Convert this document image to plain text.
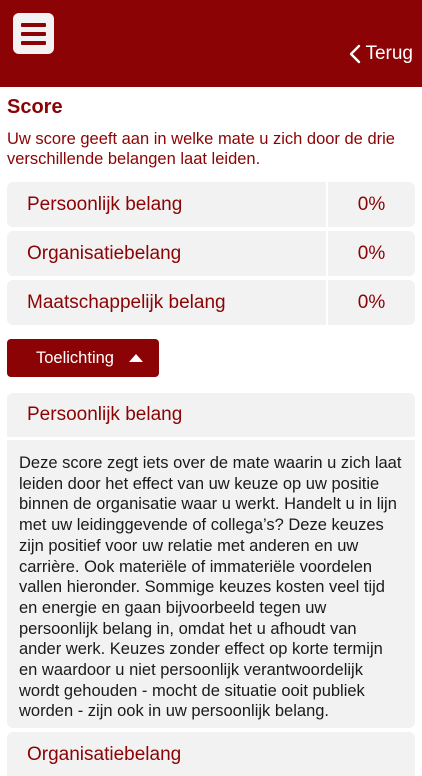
Terug
Score
Uw score geeft aan in welke mate u zich door de drie verschillende belangen laat leiden.
Persoonlijk belang	0%
Organisatiebelang	0%
Maatschappelijk belang	0%
Toelichting
Persoonlijk belang
Deze score zegt iets over de mate waarin u zich laat leiden door het effect van uw keuze op uw positie binnen de organisatie waar u werkt. Handelt u in lijn met uw leidinggevende of collega’s? Deze keuzes zijn positief voor uw relatie met anderen en uw carrière. Ook materiële of immateriële voordelen vallen hieronder. Sommige keuzes kosten veel tijd en energie en gaan bijvoorbeeld tegen uw persoonlijk belang in, omdat het u afhoudt van ander werk. Keuzes zonder effect op korte termijn en waardoor u niet persoonlijk verantwoordelijk wordt gehouden - mocht de situatie ooit publiek worden - zijn ook in uw persoonlijk belang.
Organisatiebelang
